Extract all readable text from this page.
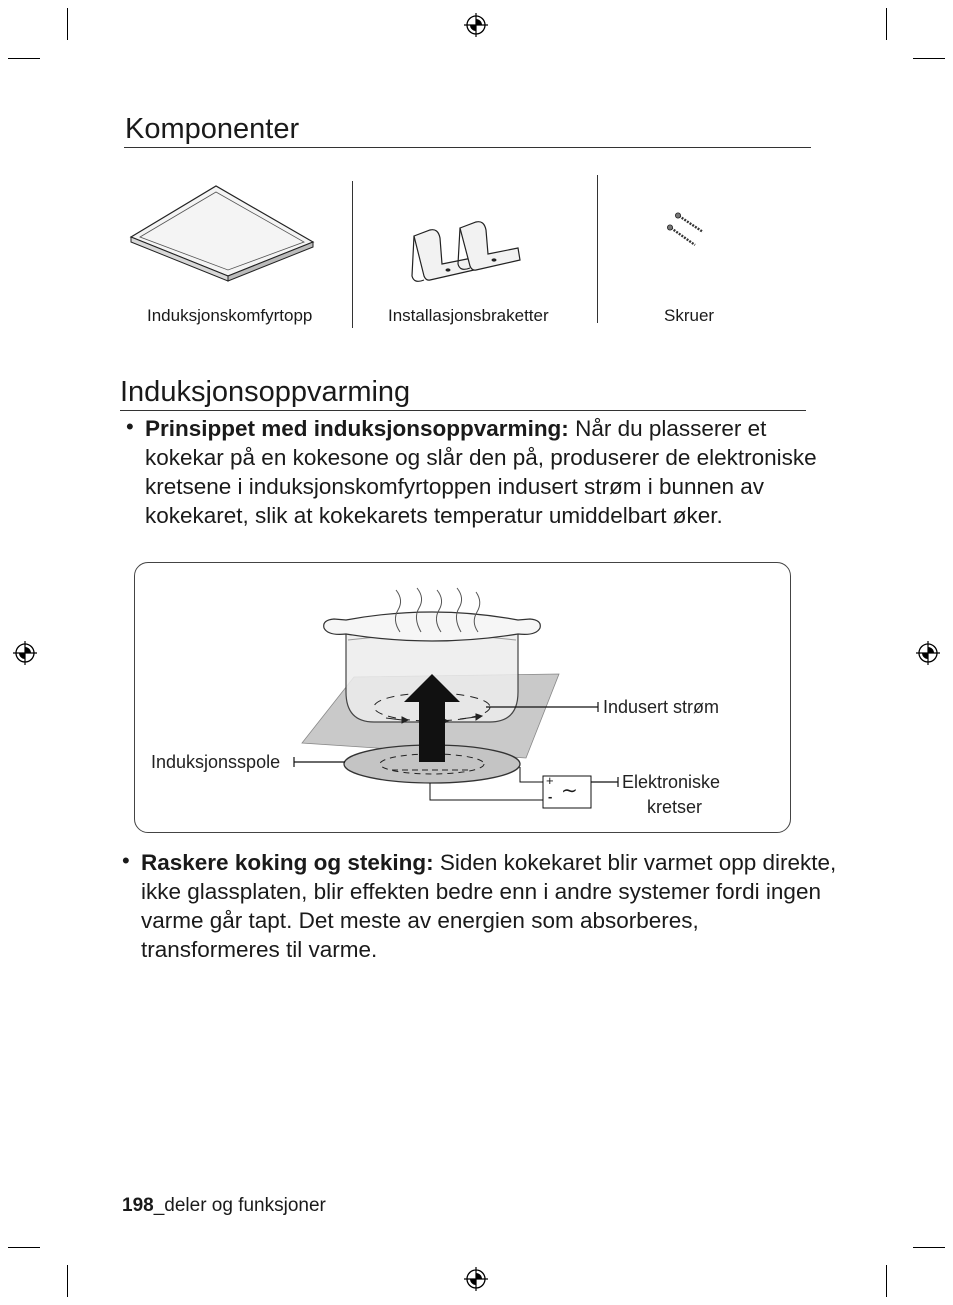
Komponenter
Induksjonskomfyrtopp	Installasjonsbraketter	Skruer
Induksjonsoppvarming
• Prinsippet med induksjonsoppvarming: Når du plasserer et kokekar på en kokesone og slår den på, produserer de elektroniske kretsene i induksjonskomfyrtoppen indusert strøm i bunnen av kokekaret, slik at kokekarets temperatur umiddelbart øker.
+
- ∼
Indusert strøm
Induksjonsspole
Elektroniske
kretser
• Raskere koking og steking: Siden kokekaret blir varmet opp direkte, ikke glassplaten, blir effekten bedre enn i andre systemer fordi ingen varme går tapt. Det meste av energien som absorberes, transformeres til varme.
198_deler og funksjoner
